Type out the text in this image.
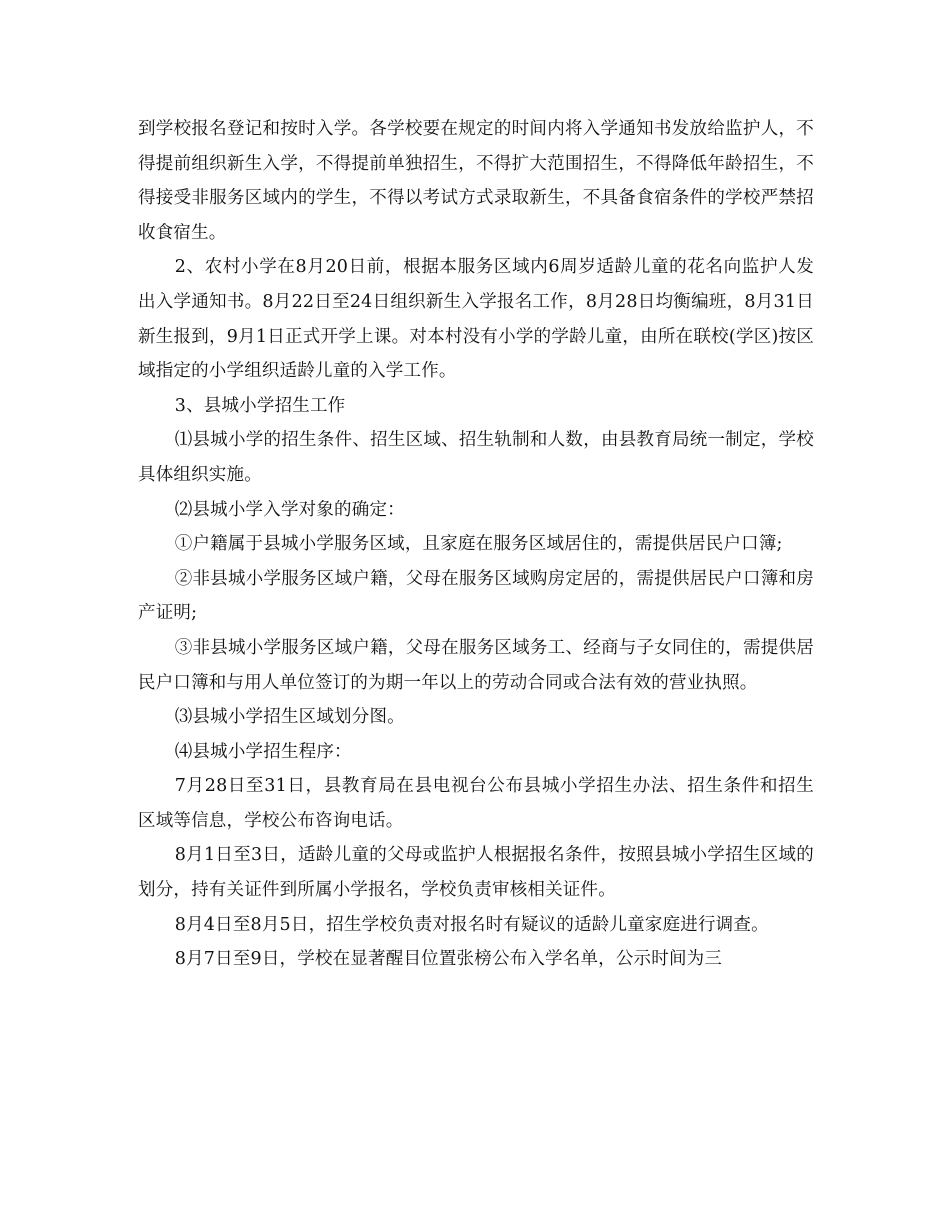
到学校报名登记和按时入学。各学校要在规定的时间内将入学通知书发放给监护人，不得提前组织新生入学，不得提前单独招生，不得扩大范围招生，不得降低年龄招生，不得接受非服务区域内的学生，不得以考试方式录取新生，不具备食宿条件的学校严禁招收食宿生。

2、农村小学在8月20日前，根据本服务区域内6周岁适龄儿童的花名向监护人发出入学通知书。8月22日至24日组织新生入学报名工作，8月28日均衡编班，8月31日新生报到，9月1日正式开学上课。对本村没有小学的学龄儿童，由所在联校(学区)按区域指定的小学组织适龄儿童的入学工作。

3、县城小学招生工作

⑴县城小学的招生条件、招生区域、招生轨制和人数，由县教育局统一制定，学校具体组织实施。

⑵县城小学入学对象的确定：

①户籍属于县城小学服务区域，且家庭在服务区域居住的，需提供居民户口簿;

②非县城小学服务区域户籍，父母在服务区域购房定居的，需提供居民户口簿和房产证明;

③非县城小学服务区域户籍，父母在服务区域务工、经商与子女同住的，需提供居民户口簿和与用人单位签订的为期一年以上的劳动合同或合法有效的营业执照。

⑶县城小学招生区域划分图。

⑷县城小学招生程序：

7月28日至31日，县教育局在县电视台公布县城小学招生办法、招生条件和招生区域等信息，学校公布咨询电话。

8月1日至3日，适龄儿童的父母或监护人根据报名条件，按照县城小学招生区域的划分，持有关证件到所属小学报名，学校负责审核相关证件。

8月4日至8月5日，招生学校负责对报名时有疑议的适龄儿童家庭进行调查。

8月7日至9日，学校在显著醒目位置张榜公布入学名单，公示时间为三
